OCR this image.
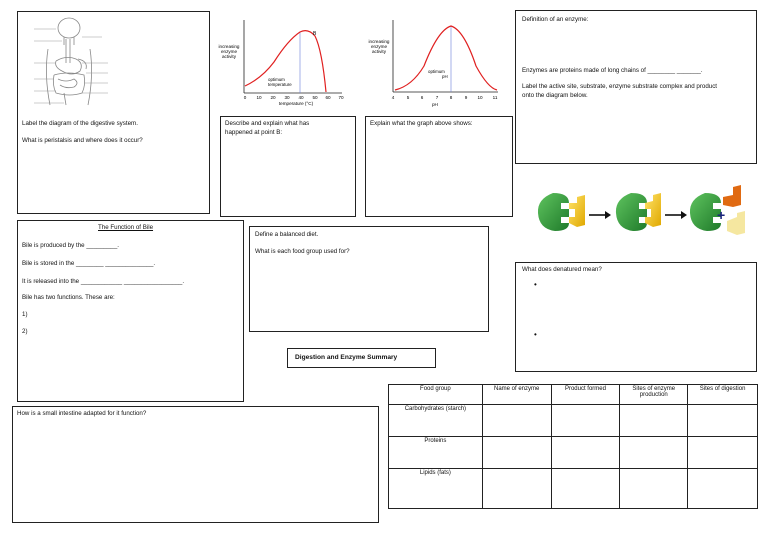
Label the diagram of the digestive system.
What is peristalsis and where does it occur?
increasing
enzyme
activity
B
optimum
temperature
0 10 20 30 40 50 60 70
temperature (°C)
increasing
enzyme
activity
optimum
pH
4	5 6	7 8	9 10 11
pH
Describe and explain what has
happened at point B:
Explain what the graph above shows:
Definition of an enzyme:
Enzymes are proteins made of long chains of ________ _______.
Label the active site, substrate, enzyme substrate complex and product
onto the diagram below.
+
The Function of Bile
Bile is produced by the _________.
Bile is stored in the ________ ______________.
It is released into the ____________ _________________.
Bile has two functions. These are:
1)
2)
Define a balanced diet.
What is each food group used for?
Digestion and Enzyme Summary
What does denatured mean?
•
•
How is a small intestine adapted for it function?
Food group	Name of enzyme	Product formed	Sites of enzyme production	Sites of digestion
Carbohydrates (starch)				
Proteins				
Lipids (fats)				
